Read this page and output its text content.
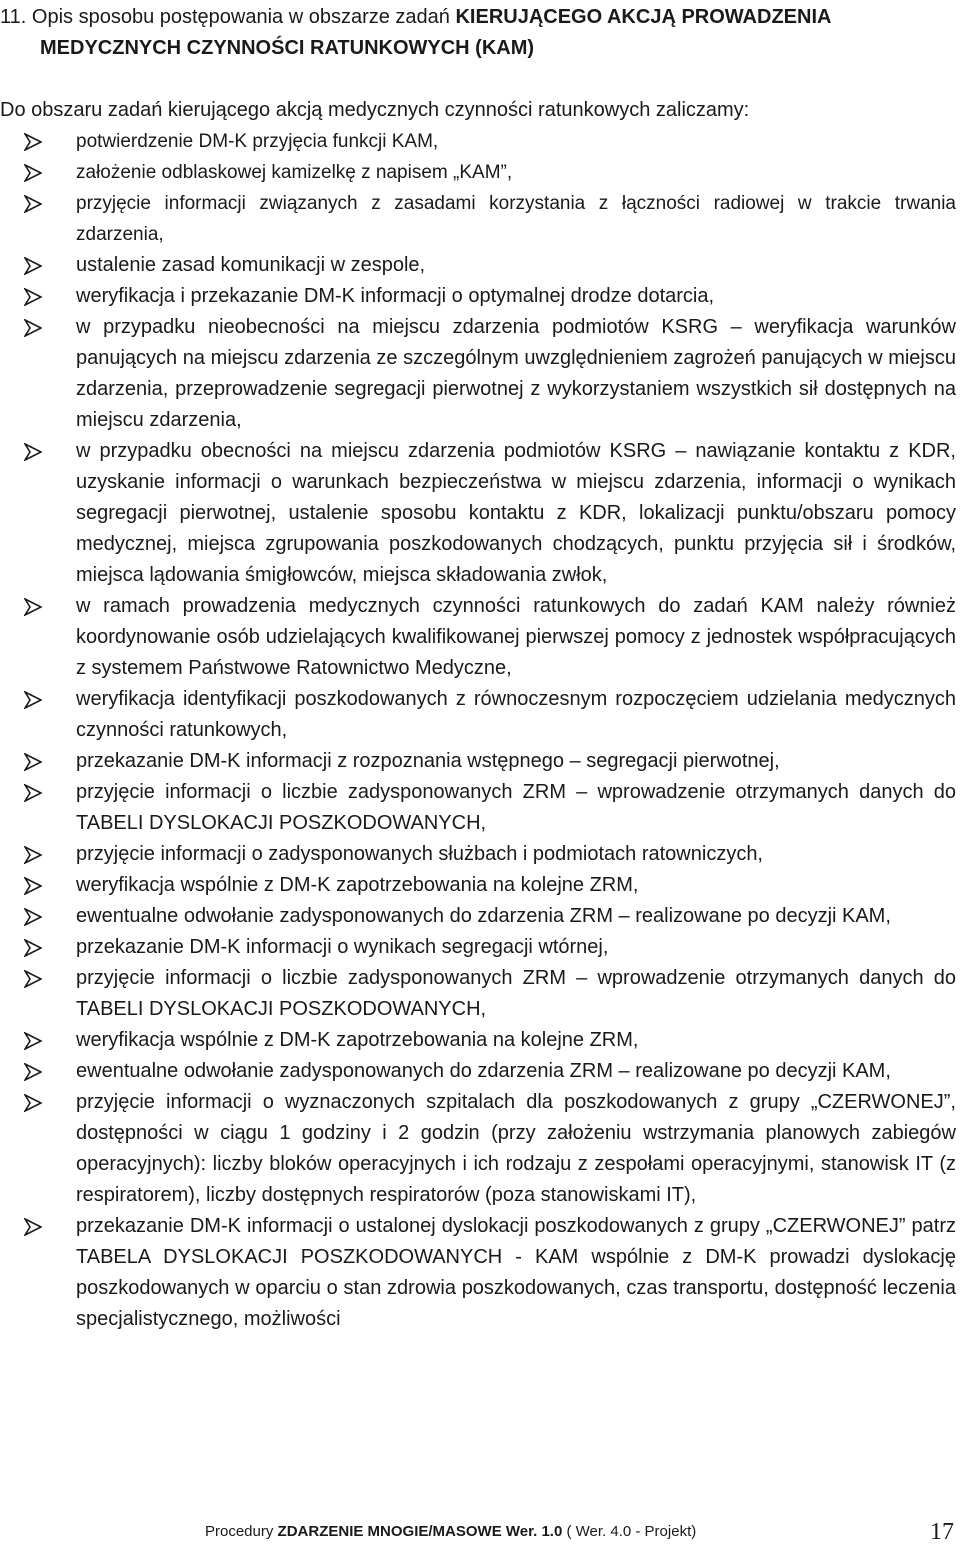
11. Opis sposobu postępowania w obszarze zadań KIERUJĄCEGO AKCJĄ PROWADZENIA
MEDYCZNYCH CZYNNOŚCI RATUNKOWYCH (KAM)

Do obszaru zadań kierującego akcją medycznych czynności ratunkowych zaliczamy:

potwierdzenie DM-K przyjęcia funkcji KAM,
założenie odblaskowej kamizelkę z napisem „KAM”,
przyjęcie informacji związanych z zasadami korzystania z łączności radiowej w trakcie trwania zdarzenia,
ustalenie zasad komunikacji w zespole,
weryfikacja i przekazanie DM-K informacji o optymalnej drodze dotarcia,
w przypadku nieobecności na miejscu zdarzenia podmiotów KSRG – weryfikacja warunków panujących na miejscu zdarzenia ze szczególnym uwzględnieniem zagrożeń panujących w miejscu zdarzenia, przeprowadzenie segregacji pierwotnej z wykorzystaniem wszystkich sił dostępnych na miejscu zdarzenia,
w przypadku obecności na miejscu zdarzenia podmiotów KSRG – nawiązanie kontaktu z KDR, uzyskanie informacji o warunkach bezpieczeństwa w miejscu zdarzenia, informacji o wynikach segregacji pierwotnej, ustalenie sposobu kontaktu z KDR, lokalizacji punktu/obszaru pomocy medycznej, miejsca zgrupowania poszkodowanych chodzących, punktu przyjęcia sił i środków, miejsca lądowania śmigłowców, miejsca składowania zwłok,
w ramach prowadzenia medycznych czynności ratunkowych do zadań KAM należy również koordynowanie osób udzielających kwalifikowanej pierwszej pomocy z jednostek współpracujących z systemem Państwowe Ratownictwo Medyczne,
weryfikacja identyfikacji poszkodowanych z równoczesnym rozpoczęciem udzielania medycznych czynności ratunkowych,
przekazanie DM-K informacji z rozpoznania wstępnego – segregacji pierwotnej,
przyjęcie informacji o liczbie zadysponowanych ZRM – wprowadzenie otrzymanych danych do TABELI DYSLOKACJI POSZKODOWANYCH,
przyjęcie informacji o zadysponowanych służbach i podmiotach ratowniczych,
weryfikacja wspólnie z DM-K zapotrzebowania na kolejne ZRM,
ewentualne odwołanie zadysponowanych do zdarzenia ZRM – realizowane po decyzji KAM,
przekazanie DM-K informacji o wynikach segregacji wtórnej,
przyjęcie informacji o liczbie zadysponowanych ZRM – wprowadzenie otrzymanych danych do TABELI DYSLOKACJI POSZKODOWANYCH,
weryfikacja wspólnie z DM-K zapotrzebowania na kolejne ZRM,
ewentualne odwołanie zadysponowanych do zdarzenia ZRM – realizowane po decyzji KAM,
przyjęcie informacji o wyznaczonych szpitalach dla poszkodowanych z grupy „CZERWONEJ”, dostępności w ciągu 1 godziny i 2 godzin (przy założeniu wstrzymania planowych zabiegów operacyjnych): liczby bloków operacyjnych i ich rodzaju z zespołami operacyjnymi, stanowisk IT (z respiratorem), liczby dostępnych respiratorów (poza stanowiskami IT),
przekazanie DM-K informacji o ustalonej dyslokacji poszkodowanych z grupy „CZERWONEJ” patrz TABELA DYSLOKACJI POSZKODOWANYCH - KAM wspólnie z DM-K prowadzi dyslokację poszkodowanych w oparciu o stan zdrowia poszkodowanych, czas transportu, dostępność leczenia specjalistycznego, możliwości
Procedury ZDARZENIE MNOGIE/MASOWE Wer. 1.0 ( Wer. 4.0 - Projekt)	17
